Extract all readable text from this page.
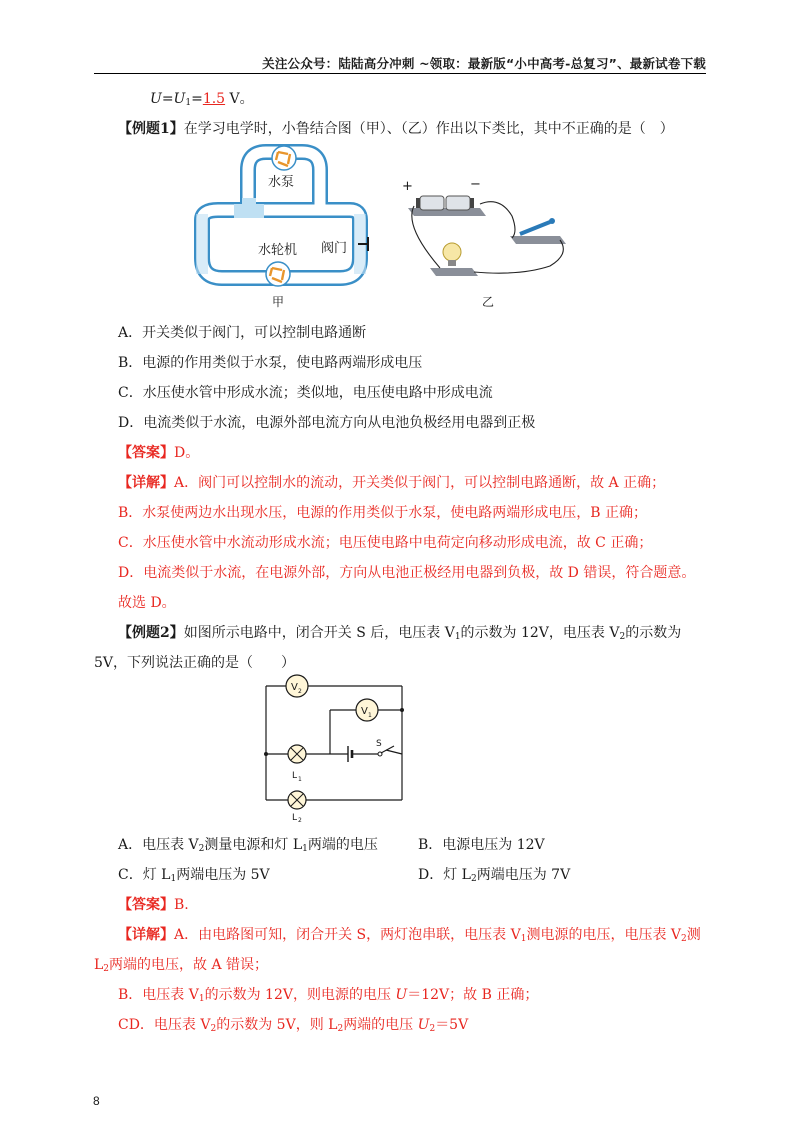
关注公众号：陆陆高分冲刺 ~领取：最新版“小中高考-总复习”、最新试卷下载
$U=U_1=1.5$ V。
【例题1】在学习电学时，小鲁结合图（甲）、（乙）作出以下类比，其中不正确的是（　）
水泵
水轮机 阀门
甲
+	−
乙
A．开关类似于阀门，可以控制电路通断
B．电源的作用类似于水泵，使电路两端形成电压
C．水压使水管中形成水流；类似地，电压使电路中形成电流
D．电流类似于水流，电源外部电流方向从电池负极经用电器到正极
【答案】D。
【详解】A．阀门可以控制水的流动，开关类似于阀门，可以控制电路通断，故 A 正确；
B．水泵使两边水出现水压，电源的作用类似于水泵，使电路两端形成电压，B 正确；
C．水压使水管中水流动形成水流；电压使电路中电荷定向移动形成电流，故 C 正确；
D．电流类似于水流，在电源外部，方向从电池正极经用电器到负极，故 D 错误，符合题意。
故选 D。
【例题2】如图所示电路中，闭合开关 S 后，电压表 $V_1$的示数为 12V，电压表 $V_2$的示数为
5V，下列说法正确的是（　　）
V 2
V 1
S
L 1
L 2
A．电压表 $V_2$测量电源和灯 $L_1$两端的电压	B．电源电压为 12V
C．灯 $L_1$两端电压为 5V	D．灯 $L_2$两端电压为 7V
【答案】B.
【详解】A．由电路图可知，闭合开关 S，两灯泡串联，电压表 $V_1$测电源的电压，电压表 $V_2$测
$L_2$两端的电压，故 A 错误；
B．电压表 $V_1$的示数为 12V，则电源的电压 U＝12V；故 B 正确；
CD．电压表 $V_2$的示数为 5V，则 $L_2$两端的电压 $U_2=5V$
8
